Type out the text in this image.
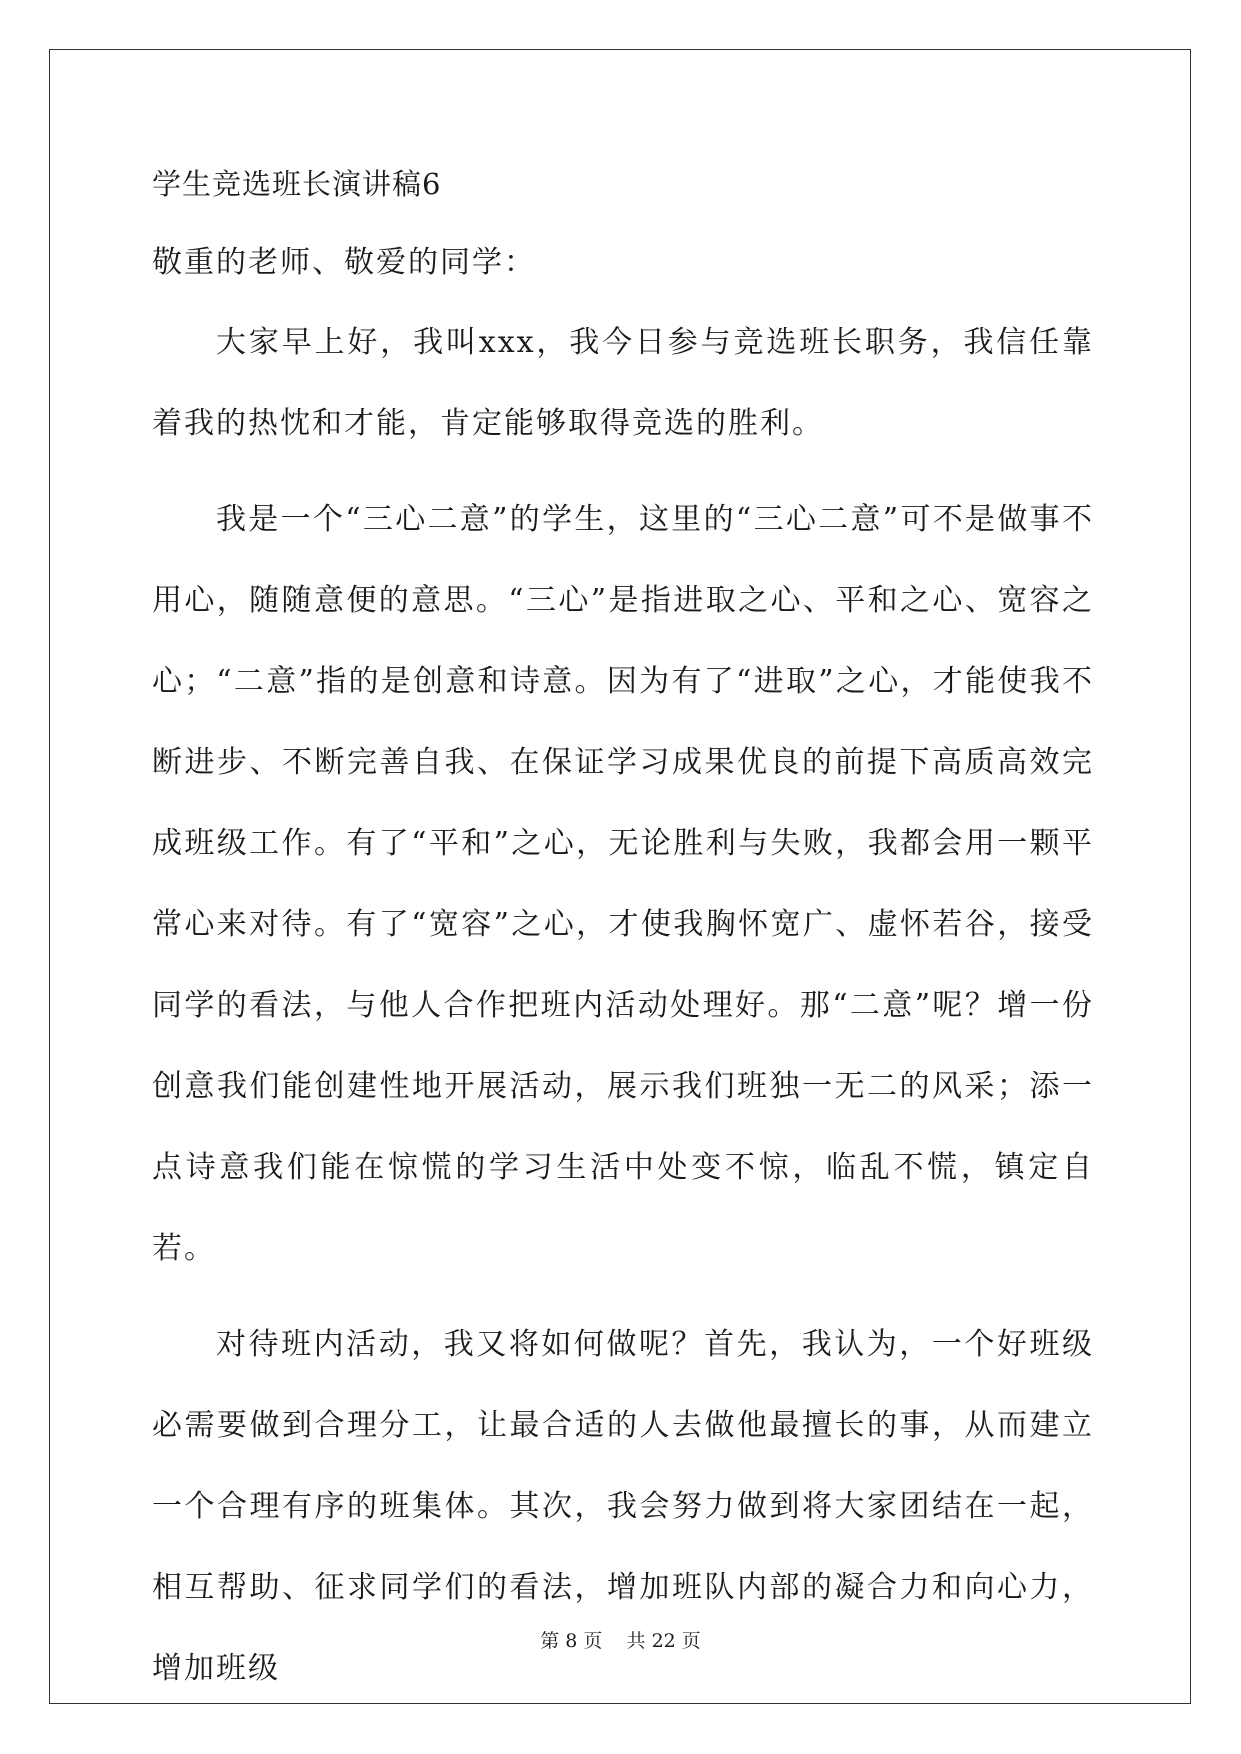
学生竞选班长演讲稿6

敬重的老师、敬爱的同学：

大家早上好，我叫xxx，我今日参与竞选班长职务，我信任靠着我的热忱和才能，肯定能够取得竞选的胜利。

我是一个“三心二意”的学生，这里的“三心二意”可不是做事不用心，随随意便的意思。“三心”是指进取之心、平和之心、宽容之心；“二意”指的是创意和诗意。因为有了“进取”之心，才能使我不断进步、不断完善自我、在保证学习成果优良的前提下高质高效完成班级工作。有了“平和”之心，无论胜利与失败，我都会用一颗平常心来对待。有了“宽容”之心，才使我胸怀宽广、虚怀若谷，接受同学的看法，与他人合作把班内活动处理好。那“二意”呢？增一份创意我们能创建性地开展活动，展示我们班独一无二的风采；添一点诗意我们能在惊慌的学习生活中处变不惊，临乱不慌，镇定自若。

对待班内活动，我又将如何做呢？首先，我认为，一个好班级必需要做到合理分工，让最合适的人去做他最擅长的事，从而建立一个合理有序的班集体。其次，我会努力做到将大家团结在一起，相互帮助、征求同学们的看法，增加班队内部的凝合力和向心力，增加班级

第 8 页    共 22 页
